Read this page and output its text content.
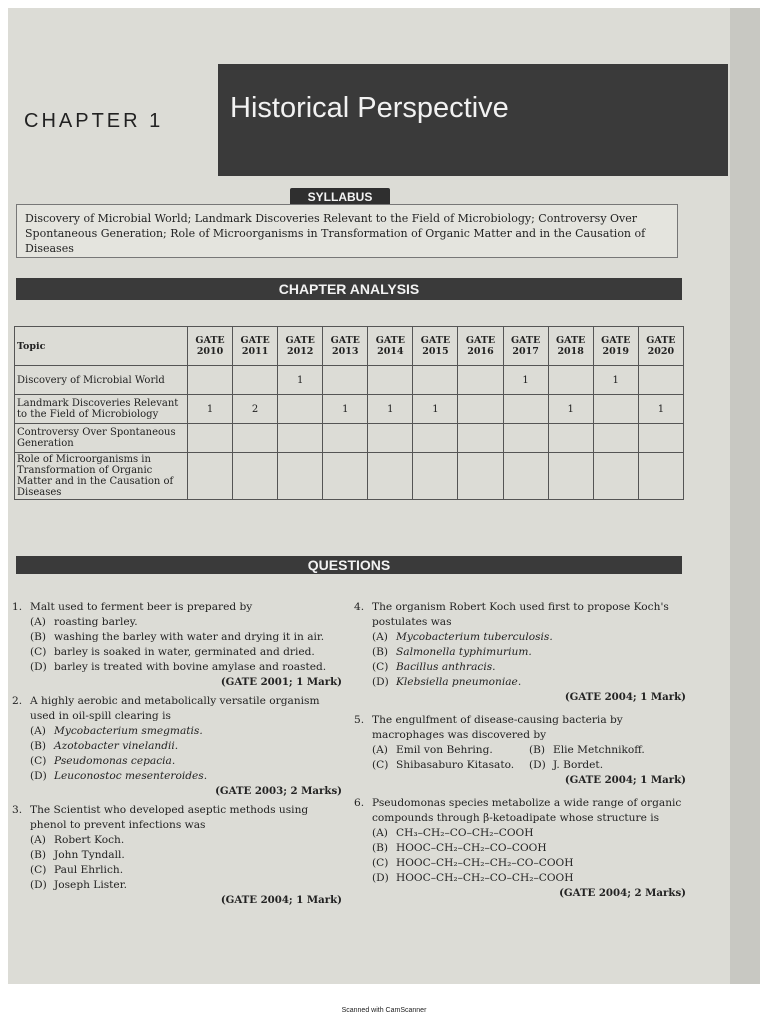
CHAPTER 1 Historical Perspective
SYLLABUS
Discovery of Microbial World; Landmark Discoveries Relevant to the Field of Microbiology; Controversy Over Spontaneous Generation; Role of Microorganisms in Transformation of Organic Matter and in the Causation of Diseases
CHAPTER ANALYSIS
Topic	GATE 2010	GATE 2011	GATE 2012	GATE 2013	GATE 2014	GATE 2015	GATE 2016	GATE 2017	GATE 2018	GATE 2019	GATE 2020
Discovery of Microbial World			1					1		1	
Landmark Discoveries Relevant to the Field of Microbiology	1	2		1	1	1			1		1
Controversy Over Spontaneous Generation											
Role of Microorganisms in Transformation of Organic Matter and in the Causation of Diseases											
QUESTIONS
1. Malt used to ferment beer is prepared by
(A) roasting barley.
(B) washing the barley with water and drying it in air.
(C) barley is soaked in water, germinated and dried.
(D) barley is treated with bovine amylase and roasted.
(GATE 2001; 1 Mark)
2. A highly aerobic and metabolically versatile organism used in oil-spill clearing is
(A) Mycobacterium smegmatis.
(B) Azotobacter vinelandii.
(C) Pseudomonas cepacia.
(D) Leuconostoc mesenteroides.
(GATE 2003; 2 Marks)
3. The Scientist who developed aseptic methods using phenol to prevent infections was
(A) Robert Koch.
(B) John Tyndall.
(C) Paul Ehrlich.
(D) Joseph Lister.
(GATE 2004; 1 Mark)
4. The organism Robert Koch used first to propose Koch's postulates was
(A) Mycobacterium tuberculosis.
(B) Salmonella typhimurium.
(C) Bacillus anthracis.
(D) Klebsiella pneumoniae.
(GATE 2004; 1 Mark)
5. The engulfment of disease-causing bacteria by macrophages was discovered by
(A) Emil von Behring.	(B) Elie Metchnikoff.
(C) Shibasaburo Kitasato. (D) J. Bordet.
(GATE 2004; 1 Mark)
6. Pseudomonas species metabolize a wide range of organic compounds through β-ketoadipate whose structure is
(A) CH₃–CH₂–CO–CH₂–COOH
(B) HOOC–CH₂–CH₂–CO–COOH
(C) HOOC–CH₂–CH₂–CH₂–CO–COOH
(D) HOOC–CH₂–CH₂–CO–CH₂–COOH
(GATE 2004; 2 Marks)
Scanned with CamScanner
